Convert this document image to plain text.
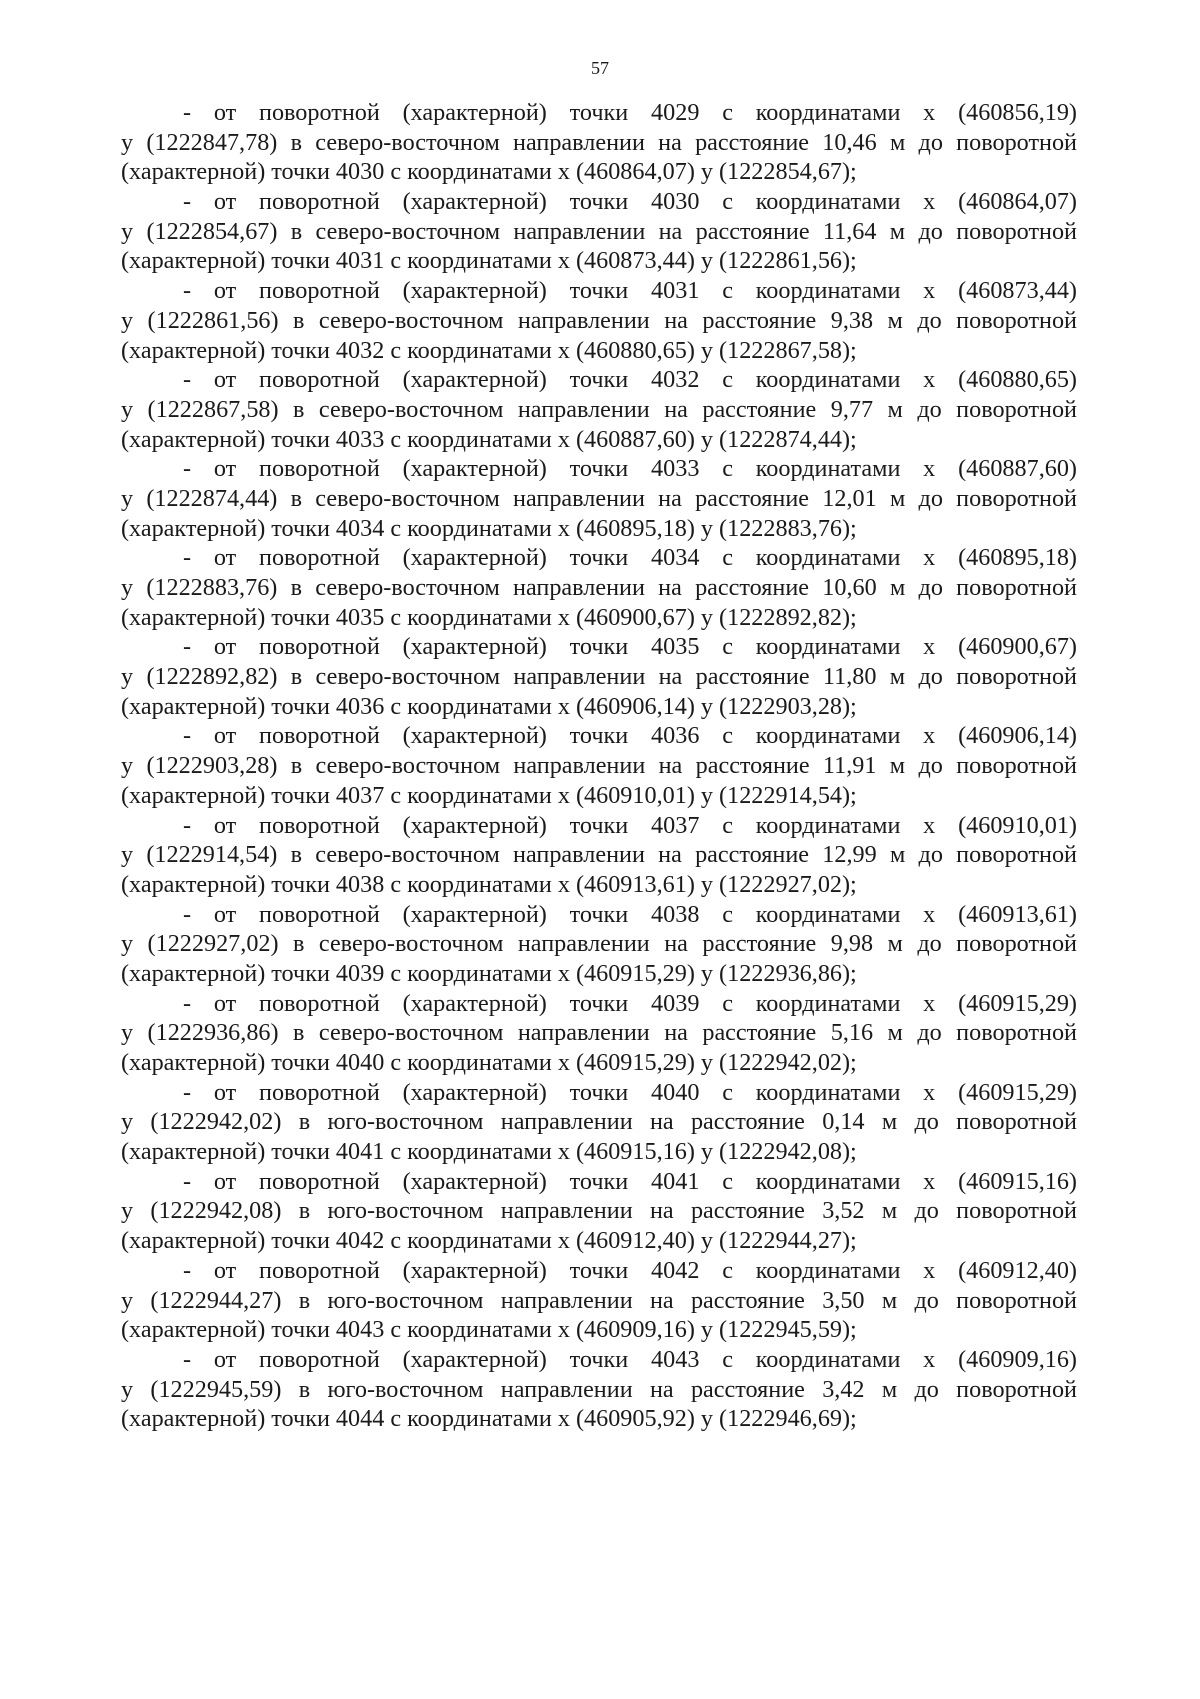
57
- от поворотной (характерной) точки 4029 с координатами x (460856,19)
y (1222847,78) в северо-восточном направлении на расстояние 10,46 м до поворотной
(характерной) точки 4030 с координатами x (460864,07) y (1222854,67);
- от поворотной (характерной) точки 4030 с координатами x (460864,07)
y (1222854,67) в северо-восточном направлении на расстояние 11,64 м до поворотной
(характерной) точки 4031 с координатами x (460873,44) y (1222861,56);
- от поворотной (характерной) точки 4031 с координатами x (460873,44)
y (1222861,56) в северо-восточном направлении на расстояние 9,38 м до поворотной
(характерной) точки 4032 с координатами x (460880,65) y (1222867,58);
- от поворотной (характерной) точки 4032 с координатами x (460880,65)
y (1222867,58) в северо-восточном направлении на расстояние 9,77 м до поворотной
(характерной) точки 4033 с координатами x (460887,60) y (1222874,44);
- от поворотной (характерной) точки 4033 с координатами x (460887,60)
y (1222874,44) в северо-восточном направлении на расстояние 12,01 м до поворотной
(характерной) точки 4034 с координатами x (460895,18) y (1222883,76);
- от поворотной (характерной) точки 4034 с координатами x (460895,18)
y (1222883,76) в северо-восточном направлении на расстояние 10,60 м до поворотной
(характерной) точки 4035 с координатами x (460900,67) y (1222892,82);
- от поворотной (характерной) точки 4035 с координатами x (460900,67)
y (1222892,82) в северо-восточном направлении на расстояние 11,80 м до поворотной
(характерной) точки 4036 с координатами x (460906,14) y (1222903,28);
- от поворотной (характерной) точки 4036 с координатами x (460906,14)
y (1222903,28) в северо-восточном направлении на расстояние 11,91 м до поворотной
(характерной) точки 4037 с координатами x (460910,01) y (1222914,54);
- от поворотной (характерной) точки 4037 с координатами x (460910,01)
y (1222914,54) в северо-восточном направлении на расстояние 12,99 м до поворотной
(характерной) точки 4038 с координатами x (460913,61) y (1222927,02);
- от поворотной (характерной) точки 4038 с координатами x (460913,61)
y (1222927,02) в северо-восточном направлении на расстояние 9,98 м до поворотной
(характерной) точки 4039 с координатами x (460915,29) y (1222936,86);
- от поворотной (характерной) точки 4039 с координатами x (460915,29)
y (1222936,86) в северо-восточном направлении на расстояние 5,16 м до поворотной
(характерной) точки 4040 с координатами x (460915,29) y (1222942,02);
- от поворотной (характерной) точки 4040 с координатами x (460915,29)
y (1222942,02) в юго-восточном направлении на расстояние 0,14 м до поворотной
(характерной) точки 4041 с координатами x (460915,16) y (1222942,08);
- от поворотной (характерной) точки 4041 с координатами x (460915,16)
y (1222942,08) в юго-восточном направлении на расстояние 3,52 м до поворотной
(характерной) точки 4042 с координатами x (460912,40) y (1222944,27);
- от поворотной (характерной) точки 4042 с координатами x (460912,40)
y (1222944,27) в юго-восточном направлении на расстояние 3,50 м до поворотной
(характерной) точки 4043 с координатами x (460909,16) y (1222945,59);
- от поворотной (характерной) точки 4043 с координатами x (460909,16)
y (1222945,59) в юго-восточном направлении на расстояние 3,42 м до поворотной
(характерной) точки 4044 с координатами x (460905,92) y (1222946,69);
